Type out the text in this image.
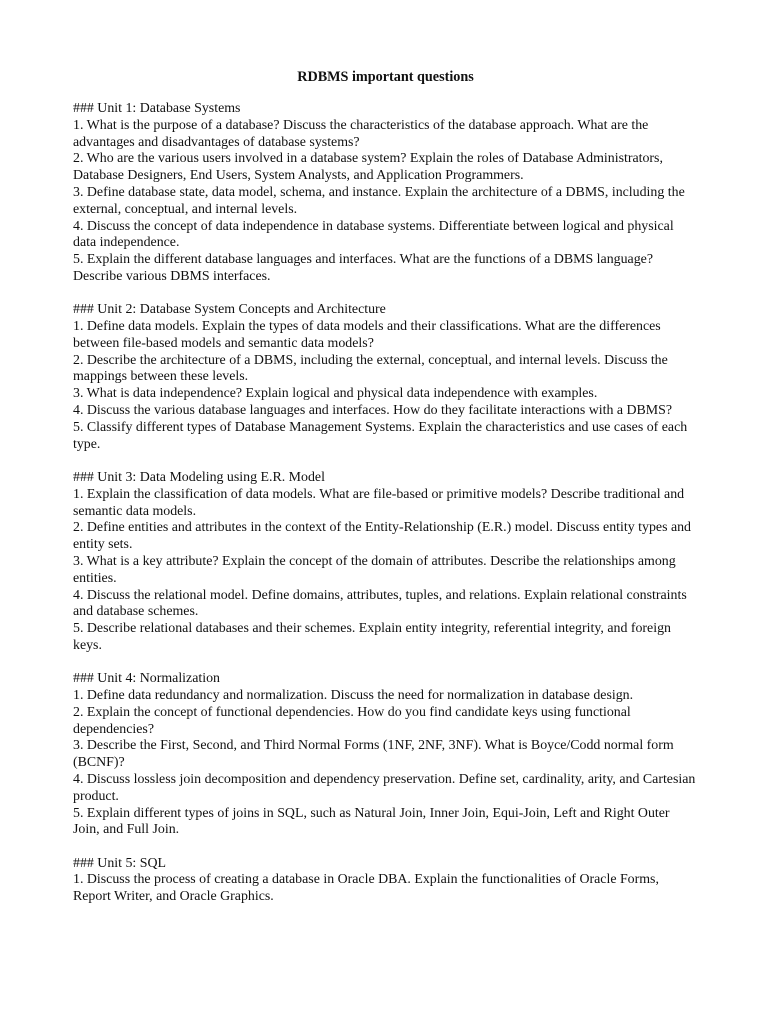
RDBMS important questions

### Unit 1: Database Systems

1. What is the purpose of a database? Discuss the characteristics of the database approach. What are the advantages and disadvantages of database systems?

2. Who are the various users involved in a database system? Explain the roles of Database Administrators, Database Designers, End Users, System Analysts, and Application Programmers.

3. Define database state, data model, schema, and instance. Explain the architecture of a DBMS, including the external, conceptual, and internal levels.

4. Discuss the concept of data independence in database systems. Differentiate between logical and physical data independence.

5. Explain the different database languages and interfaces. What are the functions of a DBMS language? Describe various DBMS interfaces.

### Unit 2: Database System Concepts and Architecture

1. Define data models. Explain the types of data models and their classifications. What are the differences between file-based models and semantic data models?

2. Describe the architecture of a DBMS, including the external, conceptual, and internal levels. Discuss the mappings between these levels.

3. What is data independence? Explain logical and physical data independence with examples.

4. Discuss the various database languages and interfaces. How do they facilitate interactions with a DBMS?

5. Classify different types of Database Management Systems. Explain the characteristics and use cases of each type.

### Unit 3: Data Modeling using E.R. Model

1. Explain the classification of data models. What are file-based or primitive models? Describe traditional and semantic data models.

2. Define entities and attributes in the context of the Entity-Relationship (E.R.) model. Discuss entity types and entity sets.

3. What is a key attribute? Explain the concept of the domain of attributes. Describe the relationships among entities.

4. Discuss the relational model. Define domains, attributes, tuples, and relations. Explain relational constraints and database schemes.

5. Describe relational databases and their schemes. Explain entity integrity, referential integrity, and foreign keys.

### Unit 4: Normalization

1. Define data redundancy and normalization. Discuss the need for normalization in database design.

2. Explain the concept of functional dependencies. How do you find candidate keys using functional dependencies?

3. Describe the First, Second, and Third Normal Forms (1NF, 2NF, 3NF). What is Boyce/Codd normal form (BCNF)?

4. Discuss lossless join decomposition and dependency preservation. Define set, cardinality, arity, and Cartesian product.

5. Explain different types of joins in SQL, such as Natural Join, Inner Join, Equi-Join, Left and Right Outer Join, and Full Join.

### Unit 5: SQL

1. Discuss the process of creating a database in Oracle DBA. Explain the functionalities of Oracle Forms, Report Writer, and Oracle Graphics.
